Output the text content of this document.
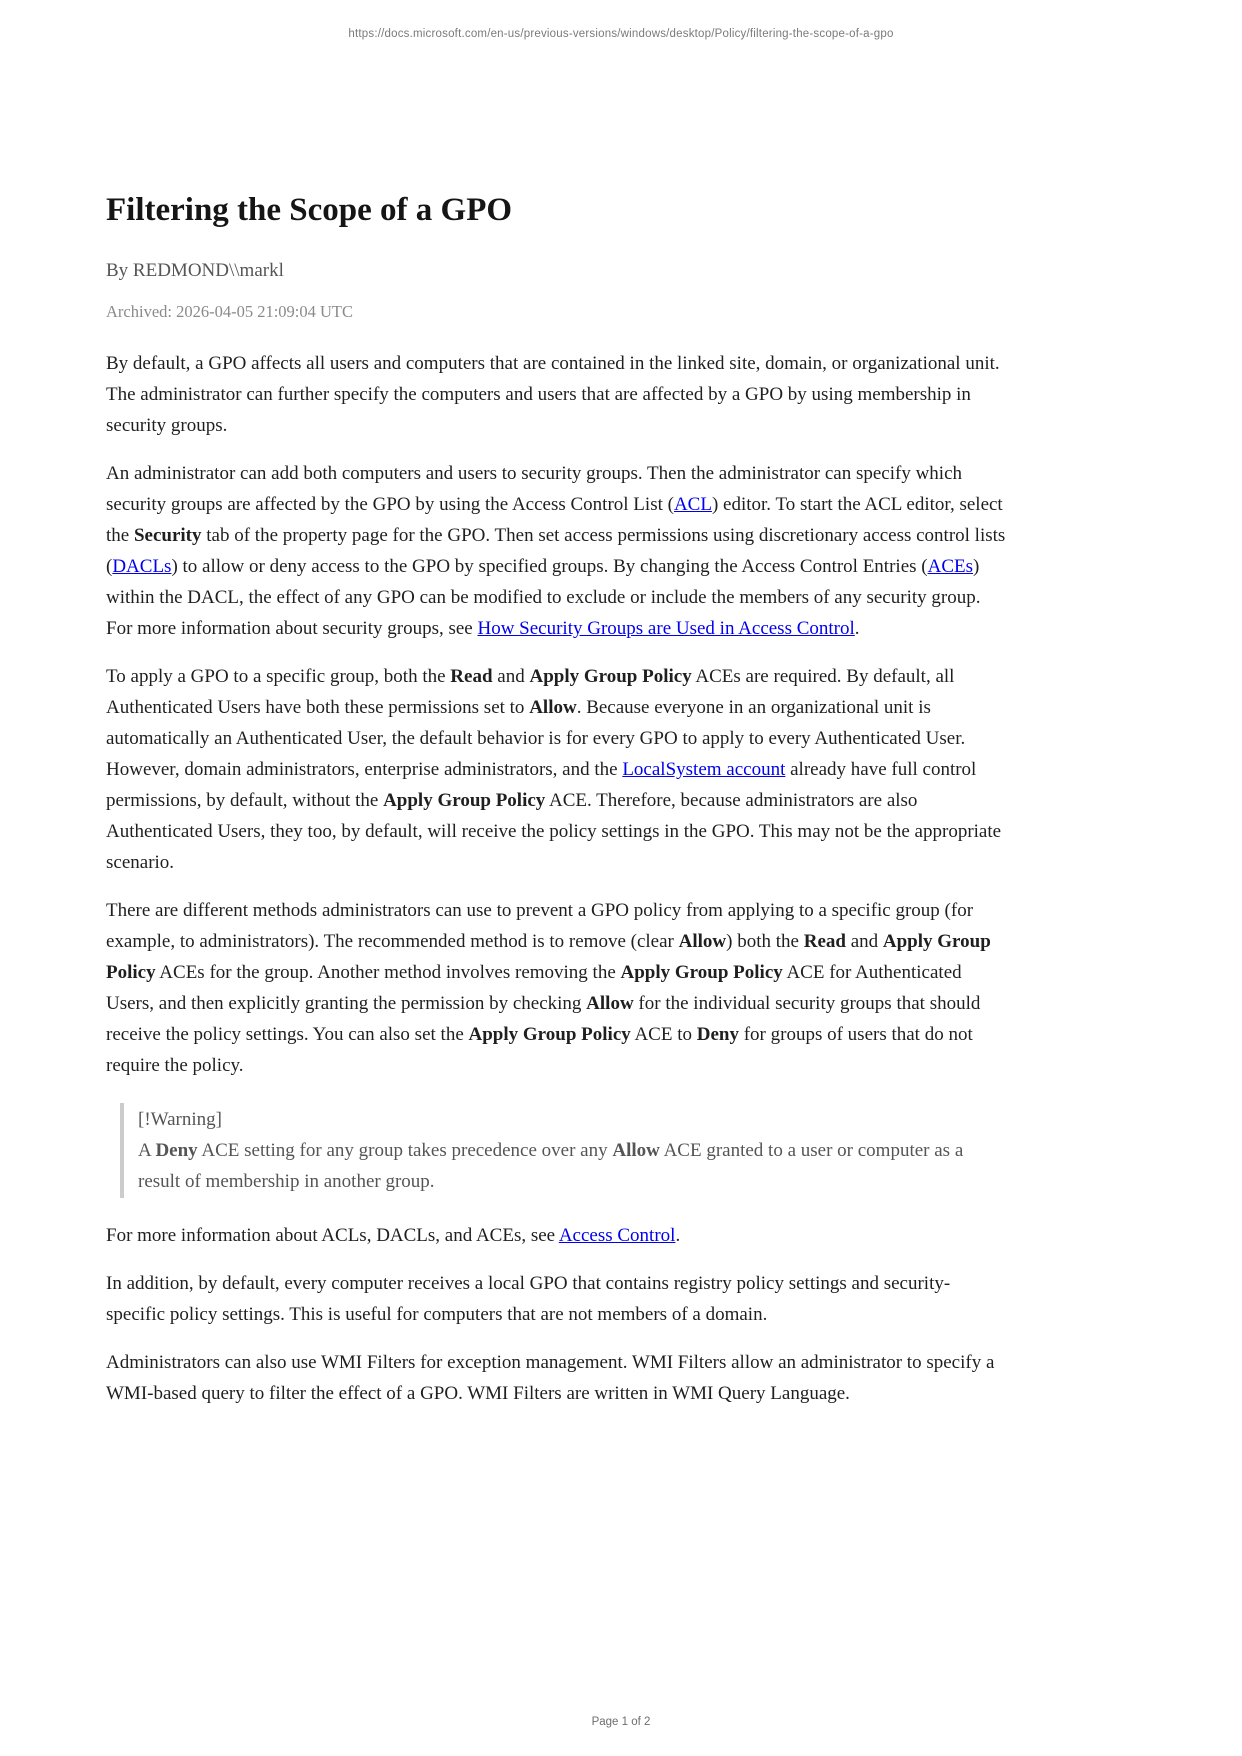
https://docs.microsoft.com/en-us/previous-versions/windows/desktop/Policy/filtering-the-scope-of-a-gpo
Filtering the Scope of a GPO

By REDMOND\\markl

Archived: 2026-04-05 21:09:04 UTC

By default, a GPO affects all users and computers that are contained in the linked site, domain, or organizational unit. The administrator can further specify the computers and users that are affected by a GPO by using membership in security groups.

An administrator can add both computers and users to security groups. Then the administrator can specify which security groups are affected by the GPO by using the Access Control List (ACL) editor. To start the ACL editor, select the Security tab of the property page for the GPO. Then set access permissions using discretionary access control lists (DACLs) to allow or deny access to the GPO by specified groups. By changing the Access Control Entries (ACEs) within the DACL, the effect of any GPO can be modified to exclude or include the members of any security group. For more information about security groups, see How Security Groups are Used in Access Control.

To apply a GPO to a specific group, both the Read and Apply Group Policy ACEs are required. By default, all Authenticated Users have both these permissions set to Allow. Because everyone in an organizational unit is automatically an Authenticated User, the default behavior is for every GPO to apply to every Authenticated User. However, domain administrators, enterprise administrators, and the LocalSystem account already have full control permissions, by default, without the Apply Group Policy ACE. Therefore, because administrators are also Authenticated Users, they too, by default, will receive the policy settings in the GPO. This may not be the appropriate scenario.

There are different methods administrators can use to prevent a GPO policy from applying to a specific group (for example, to administrators). The recommended method is to remove (clear Allow) both the Read and Apply Group Policy ACEs for the group. Another method involves removing the Apply Group Policy ACE for Authenticated Users, and then explicitly granting the permission by checking Allow for the individual security groups that should receive the policy settings. You can also set the Apply Group Policy ACE to Deny for groups of users that do not require the policy.

[!Warning]

A Deny ACE setting for any group takes precedence over any Allow ACE granted to a user or computer as a result of membership in another group.

For more information about ACLs, DACLs, and ACEs, see Access Control.

In addition, by default, every computer receives a local GPO that contains registry policy settings and security-specific policy settings. This is useful for computers that are not members of a domain.

Administrators can also use WMI Filters for exception management. WMI Filters allow an administrator to specify a WMI-based query to filter the effect of a GPO. WMI Filters are written in WMI Query Language.

Page 1 of 2
